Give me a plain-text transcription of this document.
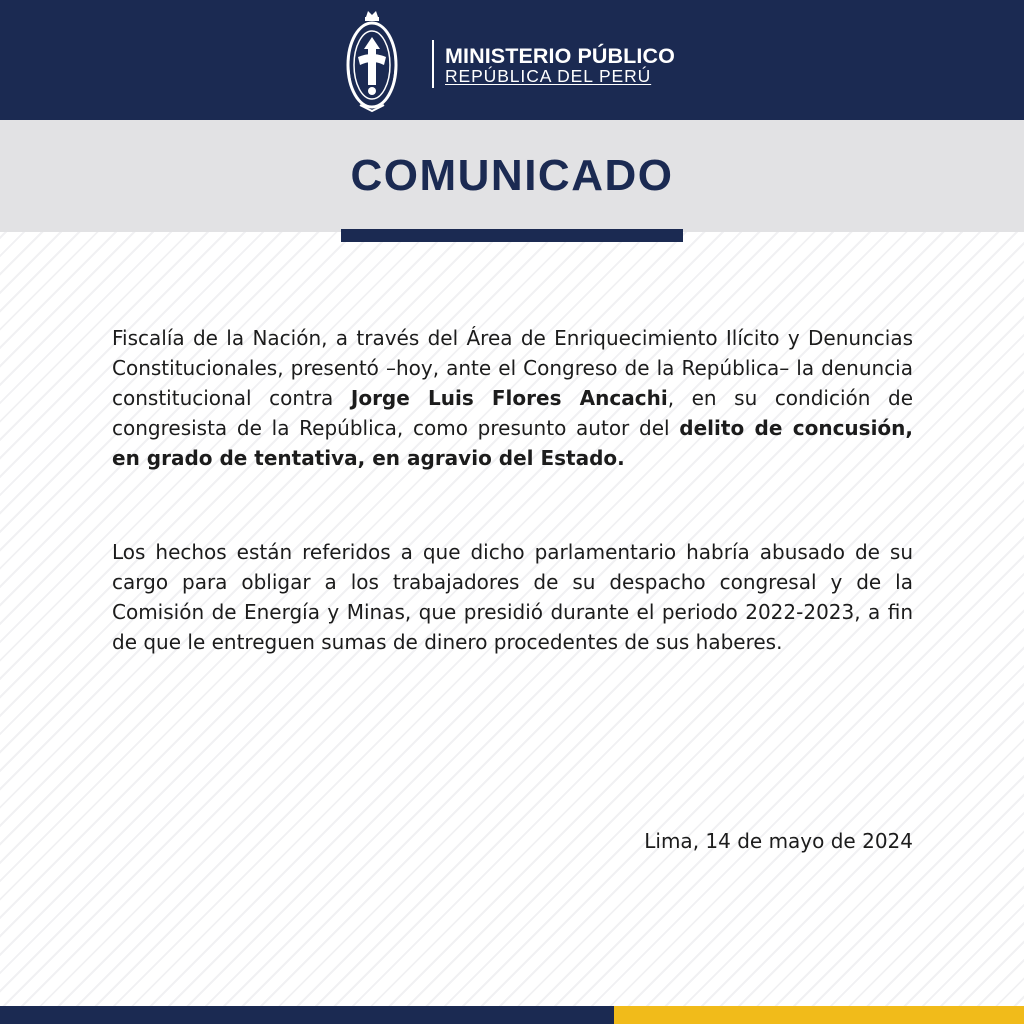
MINISTERIO PÚBLICO
REPÚBLICA DEL PERÚ
COMUNICADO

Fiscalía de la Nación, a través del Área de Enriquecimiento Ilícito y Denuncias Constitucionales, presentó –hoy, ante el Congreso de la República– la denuncia constitucional contra Jorge Luis Flores Ancachi, en su condición de congresista de la República, como presunto autor del delito de concusión, en grado de tentativa, en agravio del Estado.

Los hechos están referidos a que dicho parlamentario habría abusado de su cargo para obligar a los trabajadores de su despacho congresal y de la Comisión de Energía y Minas, que presidió durante el periodo 2022-2023, a fin de que le entreguen sumas de dinero procedentes de sus haberes.

Lima, 14 de mayo de 2024
